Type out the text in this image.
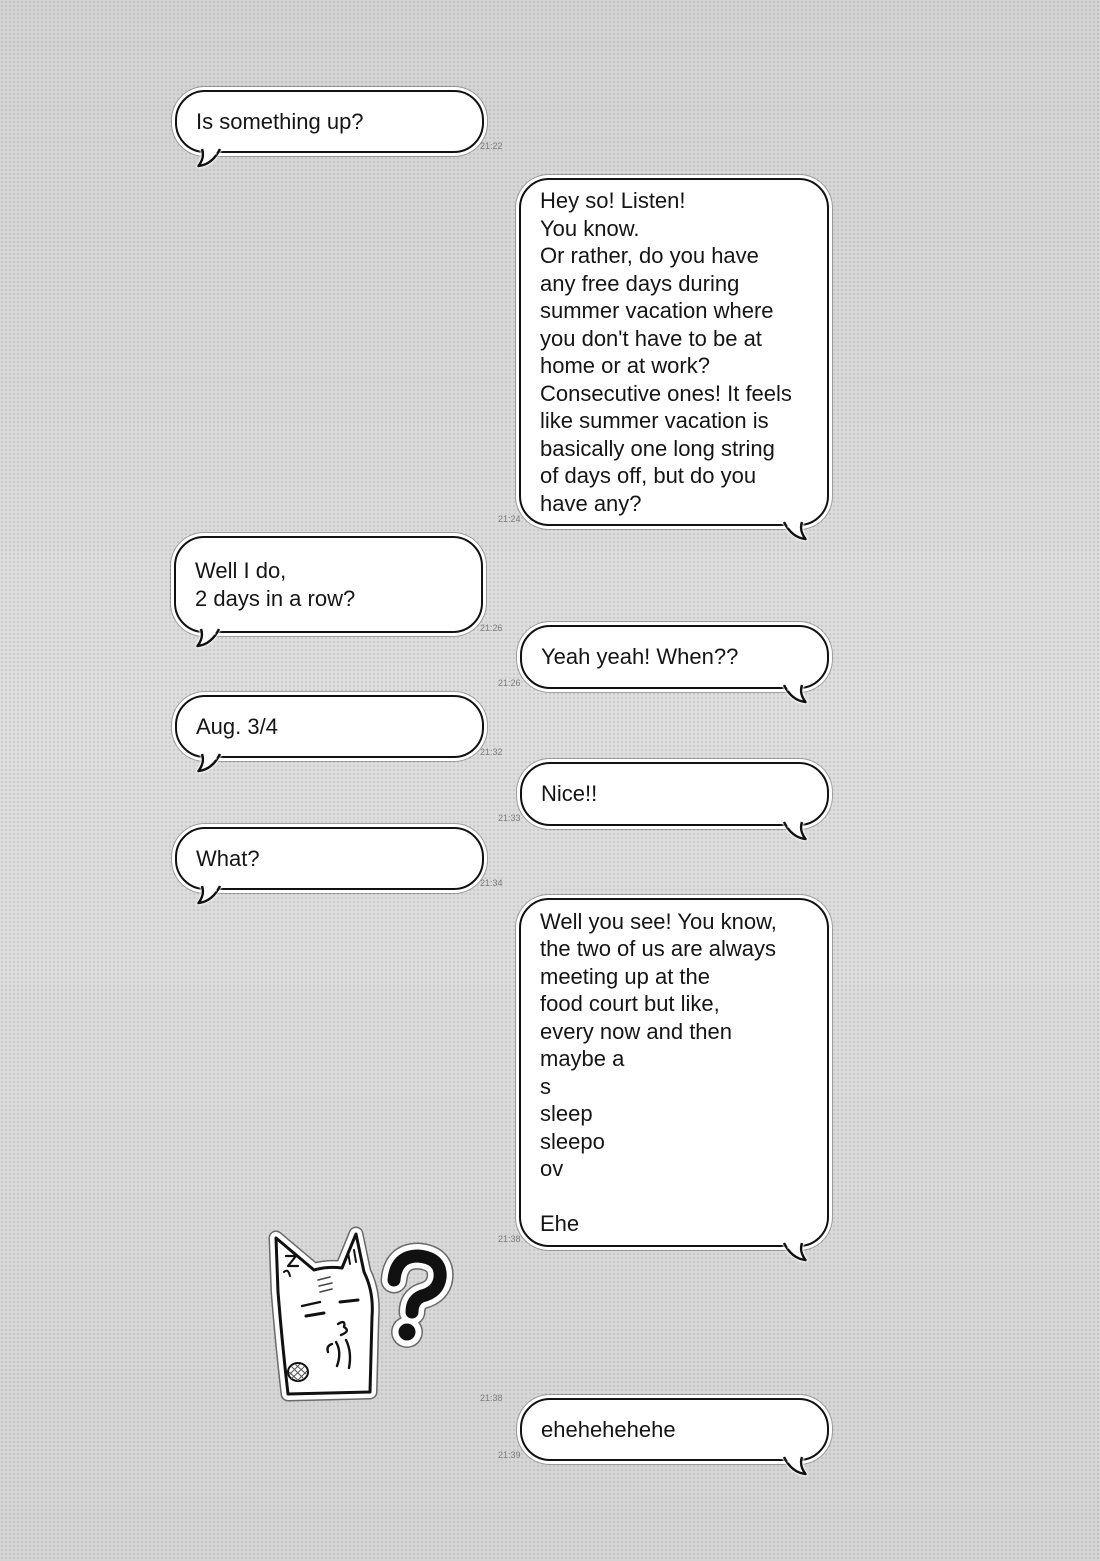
Is something up?
21:22
Hey so! Listen!
You know.
Or rather, do you have
any free days during
summer vacation where
you don't have to be at
home or at work?
Consecutive ones! It feels
like summer vacation is
basically one long string
of days off, but do you
have any?
21:24
Well I do,
2 days in a row?
21:26
Yeah yeah! When??
21:26
Aug. 3/4
21:32
Nice!!
21:33
What?
21:34
Well you see! You know,
the two of us are always
meeting up at the
food court but like,
every now and then
maybe a
s
sleep
sleepo
ov

Ehe
21:38
21:38
ehehehehehe
21:39
